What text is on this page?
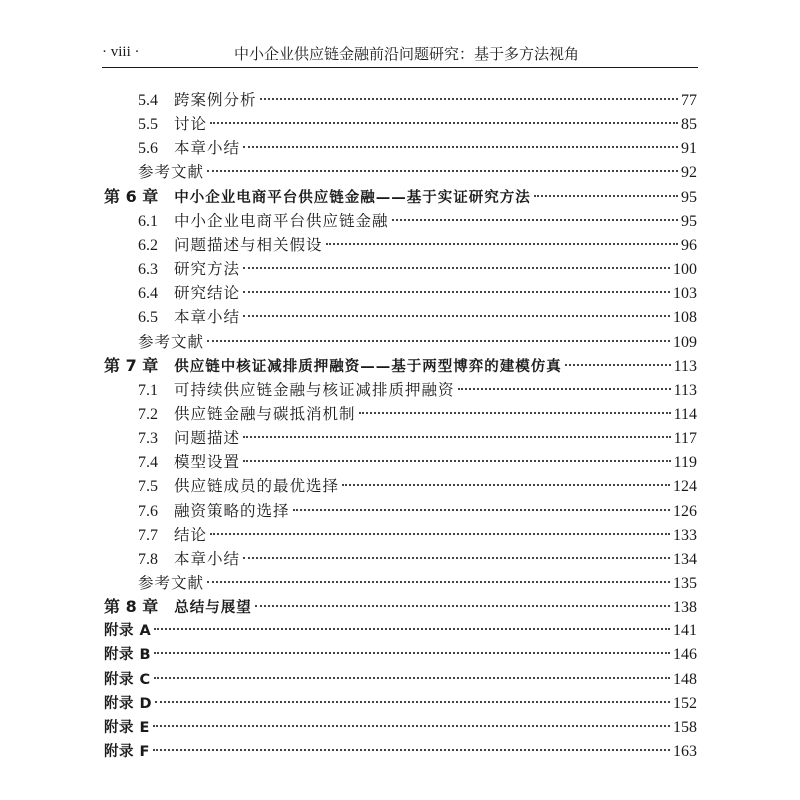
· viii ·	中小企业供应链金融前沿问题研究：基于多方法视角
5.4	跨案例分析	77
5.5	讨论	85
5.6	本章小结	91
参考文献	92
第 6 章 中小企业电商平台供应链金融——基于实证研究方法	95
6.1	中小企业电商平台供应链金融	95
6.2	问题描述与相关假设	96
6.3	研究方法	100
6.4	研究结论	103
6.5	本章小结	108
参考文献	109
第 7 章 供应链中核证减排质押融资——基于两型博弈的建模仿真	113
7.1	可持续供应链金融与核证减排质押融资	113
7.2	供应链金融与碳抵消机制	114
7.3	问题描述	117
7.4	模型设置	119
7.5	供应链成员的最优选择	124
7.6	融资策略的选择	126
7.7	结论	133
7.8	本章小结	134
参考文献	135
第 8 章 总结与展望	138
附录 A	141
附录 B	146
附录 C	148
附录 D	152
附录 E	158
附录 F	163
